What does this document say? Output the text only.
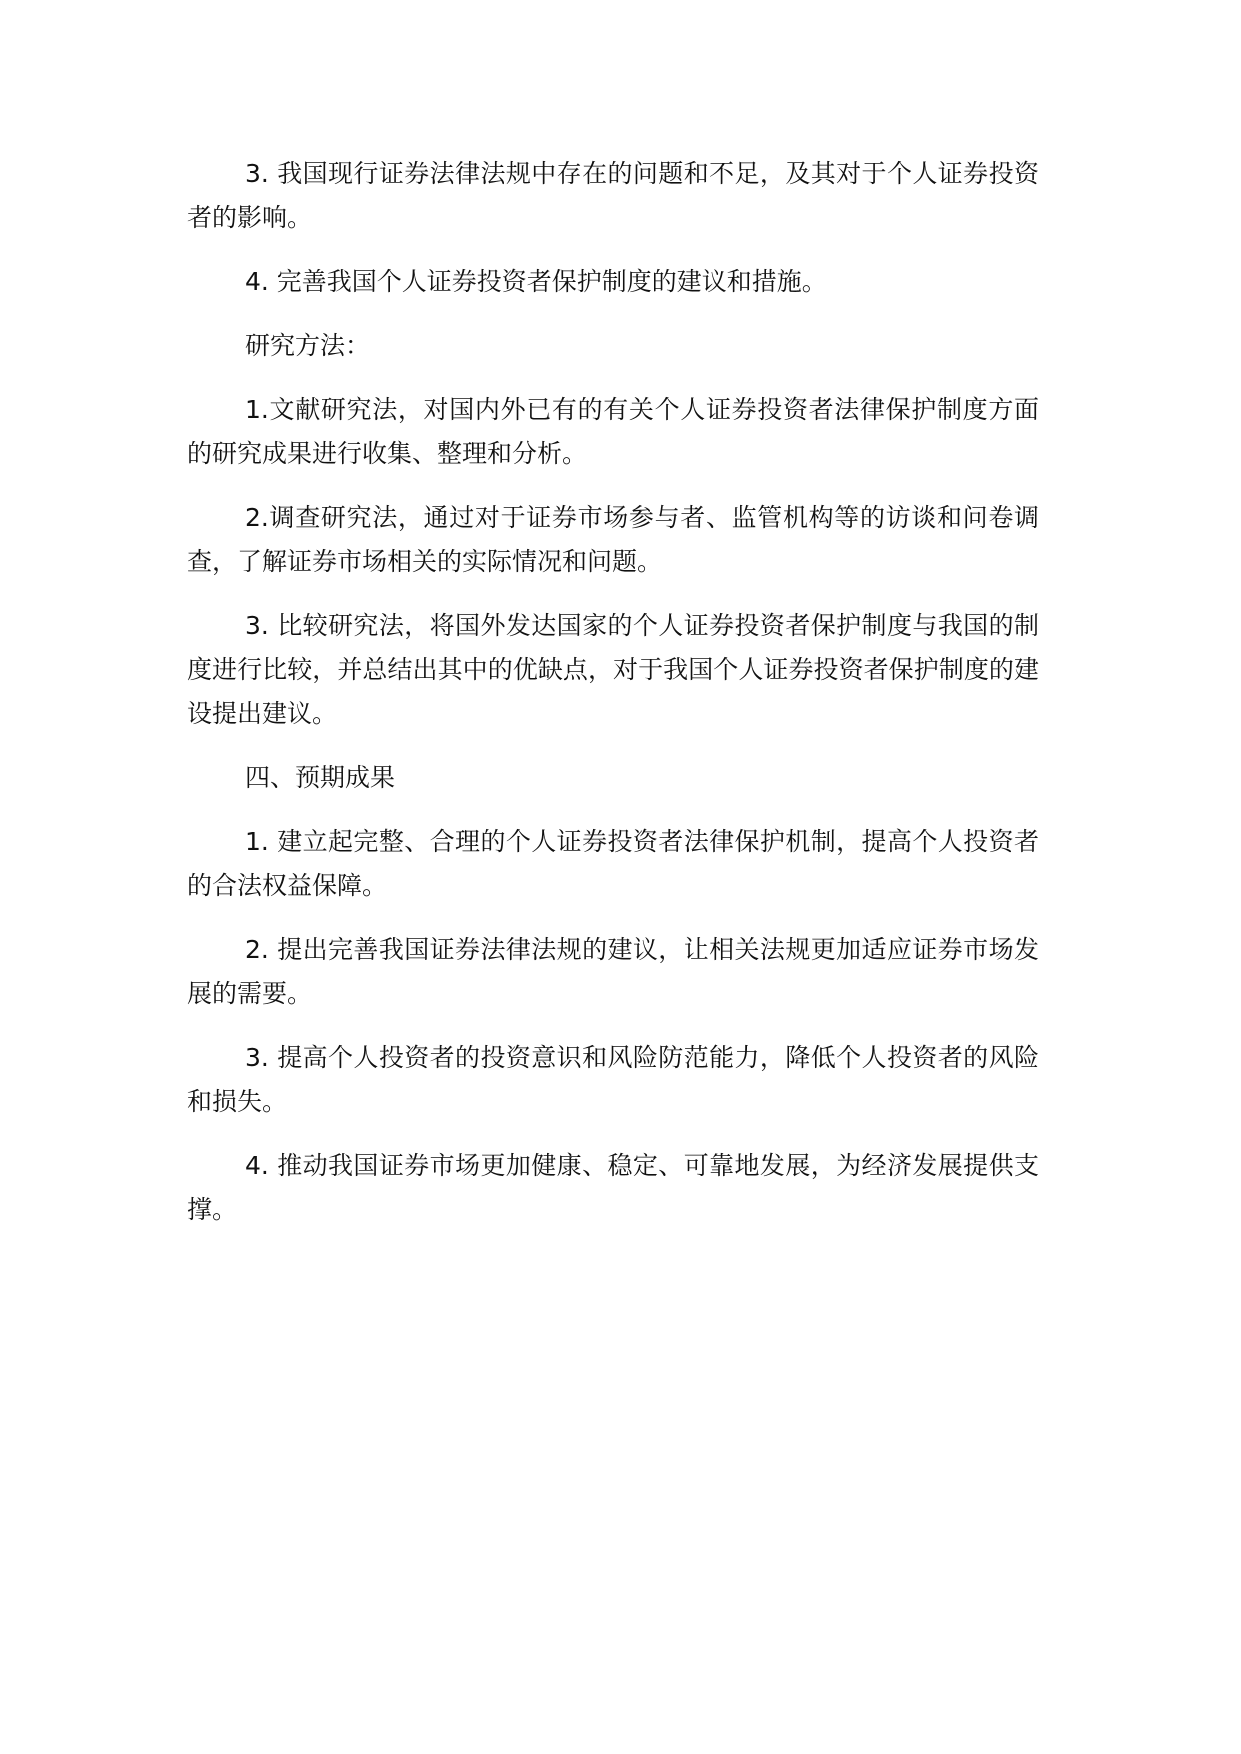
3. 我国现行证券法律法规中存在的问题和不足，及其对于个人证券投资者的影响。

4. 完善我国个人证券投资者保护制度的建议和措施。

研究方法：

1.文献研究法，对国内外已有的有关个人证券投资者法律保护制度方面的研究成果进行收集、整理和分析。

2.调查研究法，通过对于证券市场参与者、监管机构等的访谈和问卷调查，了解证券市场相关的实际情况和问题。

3. 比较研究法，将国外发达国家的个人证券投资者保护制度与我国的制度进行比较，并总结出其中的优缺点，对于我国个人证券投资者保护制度的建设提出建议。

四、预期成果

1. 建立起完整、合理的个人证券投资者法律保护机制，提高个人投资者的合法权益保障。

2. 提出完善我国证券法律法规的建议，让相关法规更加适应证券市场发展的需要。

3. 提高个人投资者的投资意识和风险防范能力，降低个人投资者的风险和损失。

4. 推动我国证券市场更加健康、稳定、可靠地发展，为经济发展提供支撑。
